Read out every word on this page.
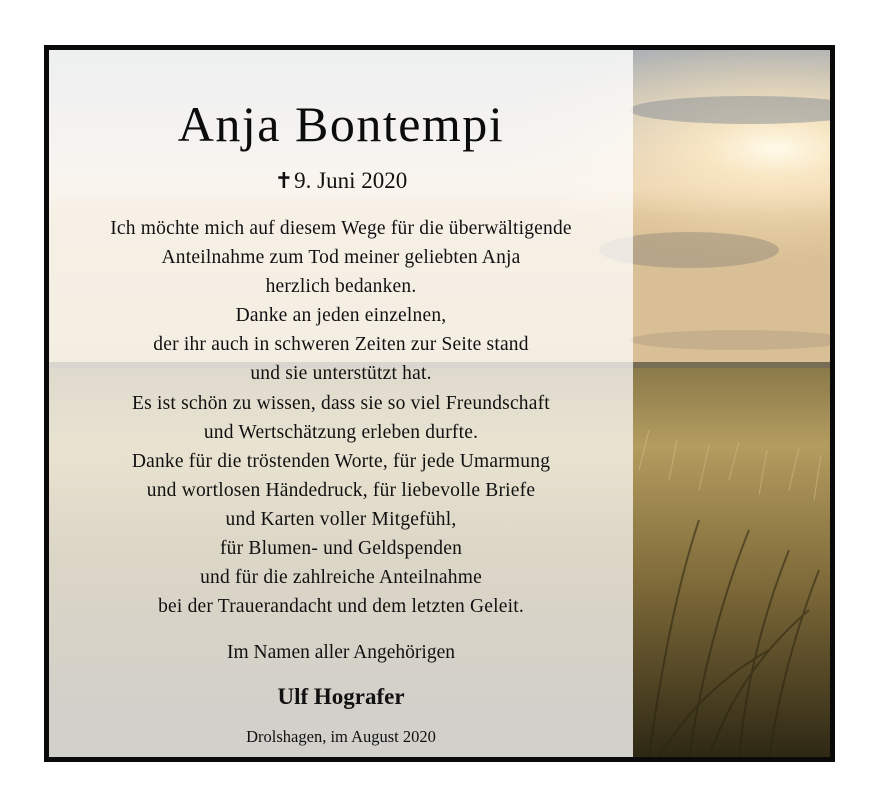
Anja Bontempi
✝9. Juni 2020
Ich möchte mich auf diesem Wege für die überwältigende
Anteilnahme zum Tod meiner geliebten Anja
herzlich bedanken.
Danke an jeden einzelnen,
der ihr auch in schweren Zeiten zur Seite stand
und sie unterstützt hat.
Es ist schön zu wissen, dass sie so viel Freundschaft
und Wertschätzung erleben durfte.
Danke für die tröstenden Worte, für jede Umarmung
und wortlosen Händedruck, für liebevolle Briefe
und Karten voller Mitgefühl,
für Blumen- und Geldspenden
und für die zahlreiche Anteilnahme
bei der Trauerandacht und dem letzten Geleit.
Im Namen aller Angehörigen
Ulf Hografer
Drolshagen, im August 2020
